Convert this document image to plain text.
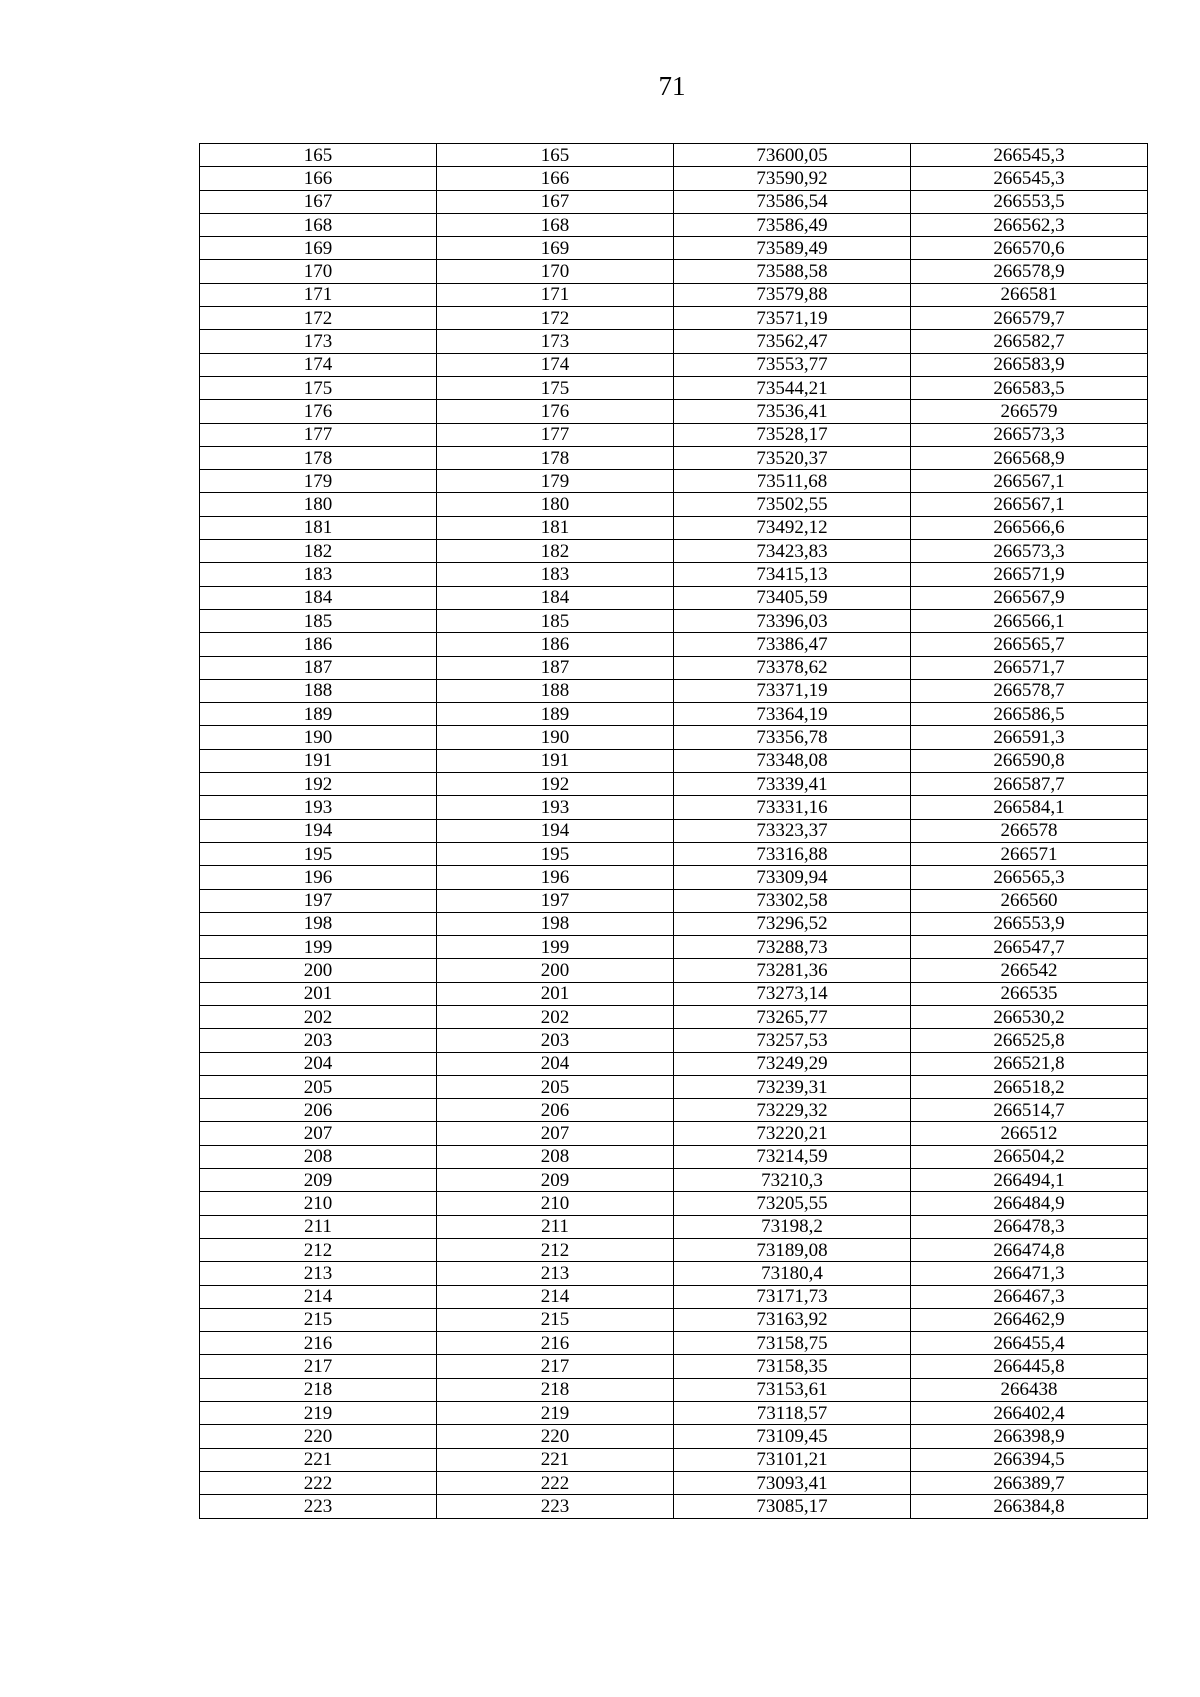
71
165	165	73600,05	266545,3
166	166	73590,92	266545,3
167	167	73586,54	266553,5
168	168	73586,49	266562,3
169	169	73589,49	266570,6
170	170	73588,58	266578,9
171	171	73579,88	266581
172	172	73571,19	266579,7
173	173	73562,47	266582,7
174	174	73553,77	266583,9
175	175	73544,21	266583,5
176	176	73536,41	266579
177	177	73528,17	266573,3
178	178	73520,37	266568,9
179	179	73511,68	266567,1
180	180	73502,55	266567,1
181	181	73492,12	266566,6
182	182	73423,83	266573,3
183	183	73415,13	266571,9
184	184	73405,59	266567,9
185	185	73396,03	266566,1
186	186	73386,47	266565,7
187	187	73378,62	266571,7
188	188	73371,19	266578,7
189	189	73364,19	266586,5
190	190	73356,78	266591,3
191	191	73348,08	266590,8
192	192	73339,41	266587,7
193	193	73331,16	266584,1
194	194	73323,37	266578
195	195	73316,88	266571
196	196	73309,94	266565,3
197	197	73302,58	266560
198	198	73296,52	266553,9
199	199	73288,73	266547,7
200	200	73281,36	266542
201	201	73273,14	266535
202	202	73265,77	266530,2
203	203	73257,53	266525,8
204	204	73249,29	266521,8
205	205	73239,31	266518,2
206	206	73229,32	266514,7
207	207	73220,21	266512
208	208	73214,59	266504,2
209	209	73210,3	266494,1
210	210	73205,55	266484,9
211	211	73198,2	266478,3
212	212	73189,08	266474,8
213	213	73180,4	266471,3
214	214	73171,73	266467,3
215	215	73163,92	266462,9
216	216	73158,75	266455,4
217	217	73158,35	266445,8
218	218	73153,61	266438
219	219	73118,57	266402,4
220	220	73109,45	266398,9
221	221	73101,21	266394,5
222	222	73093,41	266389,7
223	223	73085,17	266384,8
